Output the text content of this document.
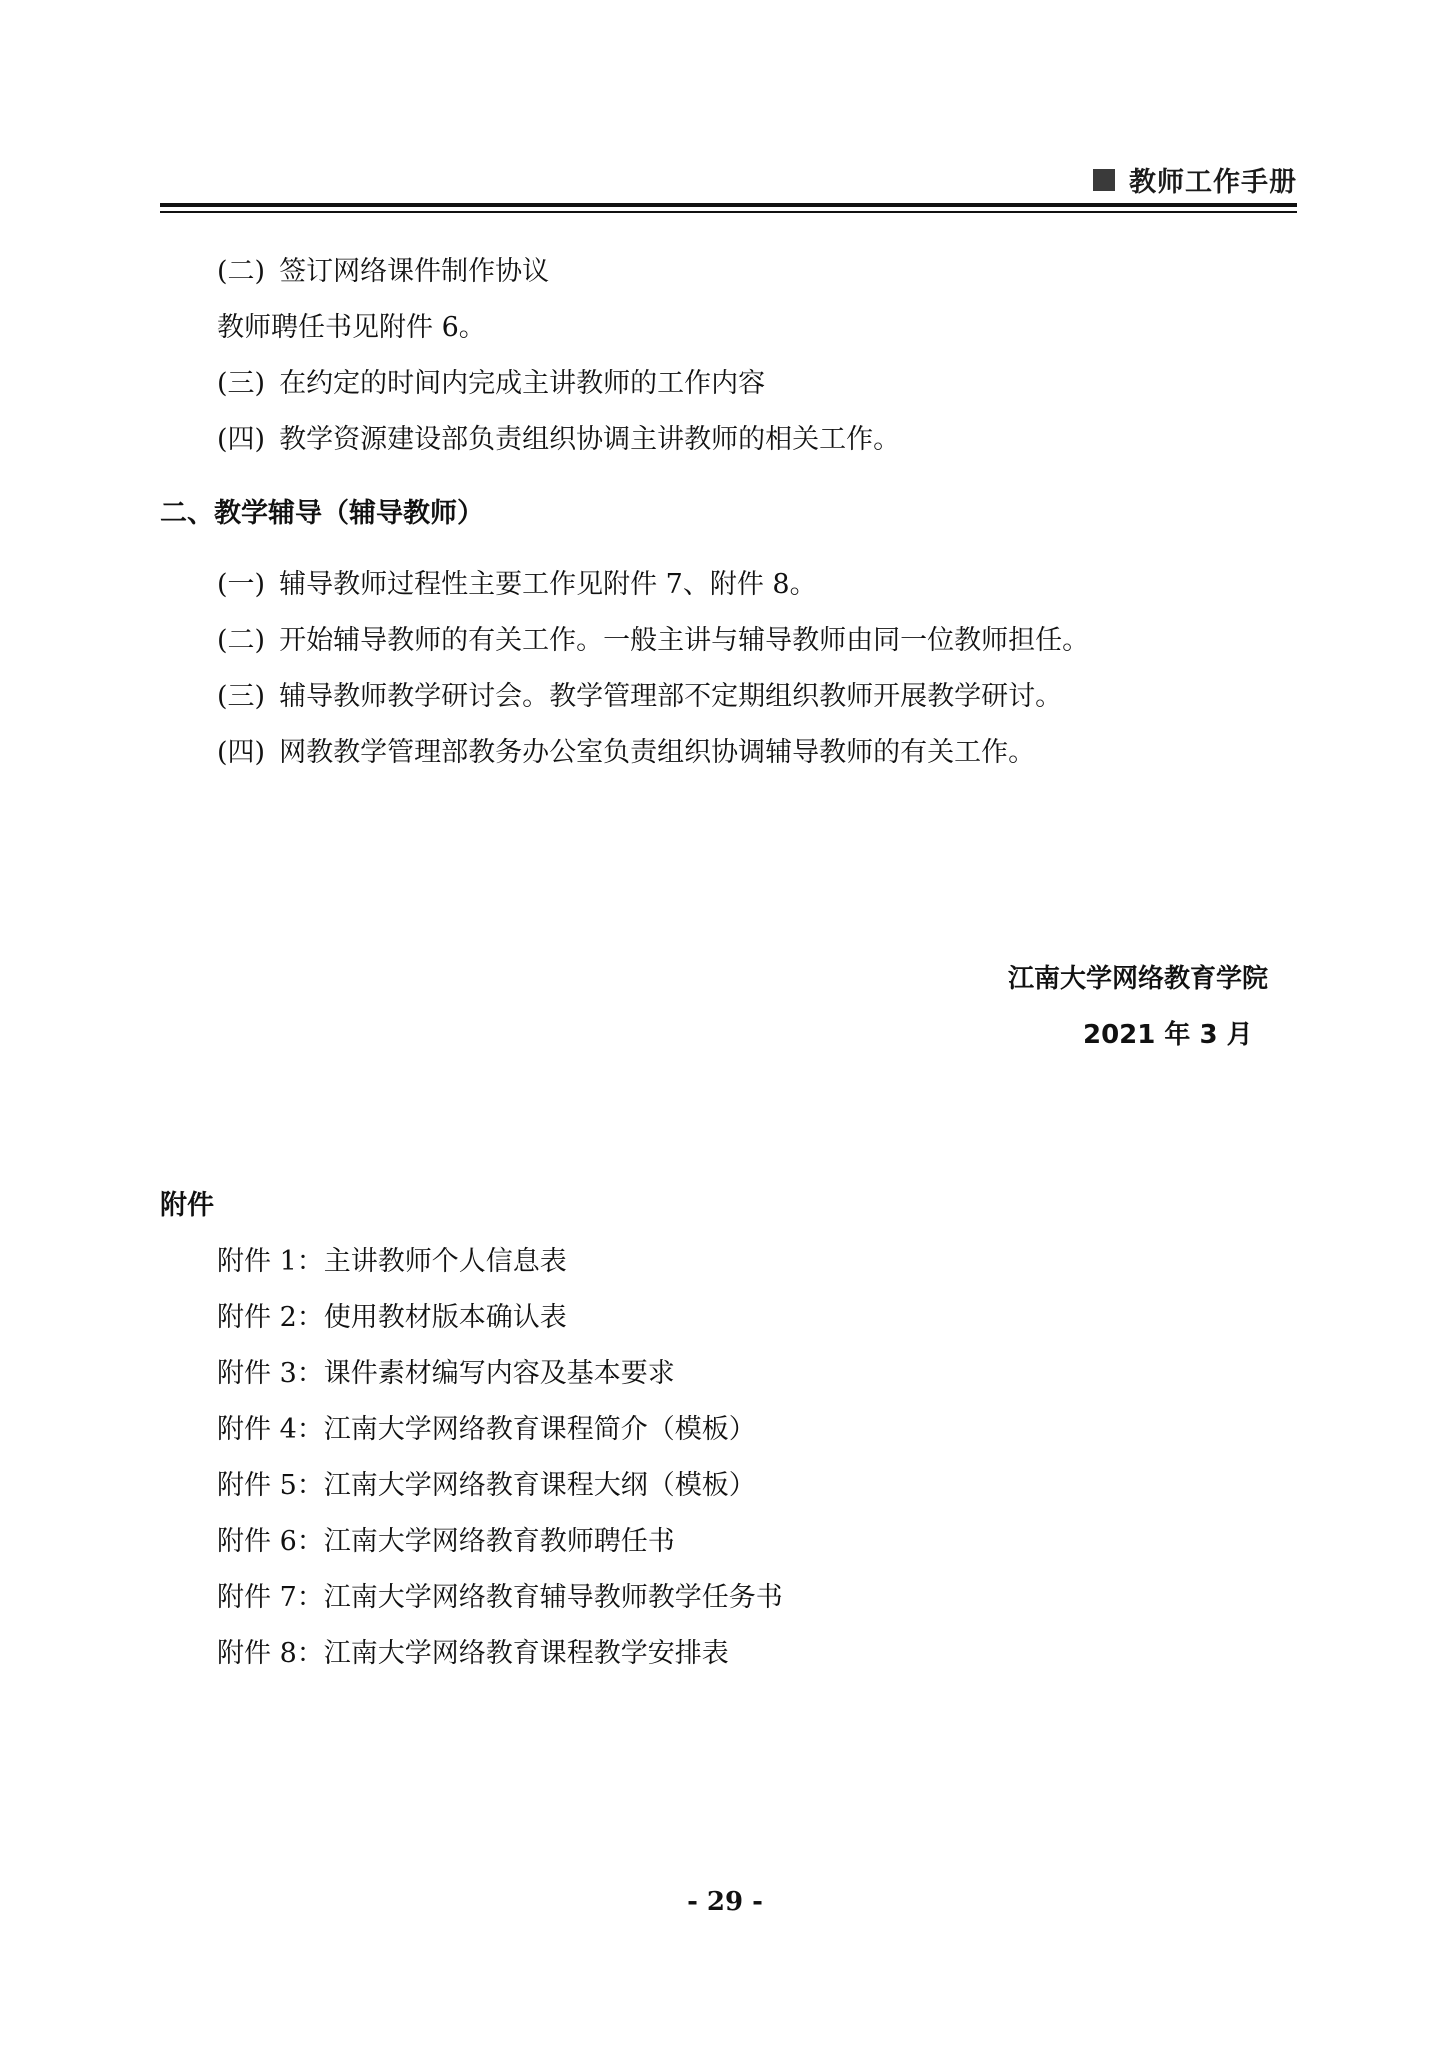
教师工作手册
(二) 签订网络课件制作协议
教师聘任书见附件 6。
(三) 在约定的时间内完成主讲教师的工作内容
(四) 教学资源建设部负责组织协调主讲教师的相关工作。
二、教学辅导（辅导教师）
(一) 辅导教师过程性主要工作见附件 7、附件 8。
(二) 开始辅导教师的有关工作。一般主讲与辅导教师由同一位教师担任。
(三) 辅导教师教学研讨会。教学管理部不定期组织教师开展教学研讨。
(四) 网教教学管理部教务办公室负责组织协调辅导教师的有关工作。
江南大学网络教育学院
2021 年 3 月
附件
附件 1：主讲教师个人信息表
附件 2：使用教材版本确认表
附件 3：课件素材编写内容及基本要求
附件 4：江南大学网络教育课程简介（模板）
附件 5：江南大学网络教育课程大纲（模板）
附件 6：江南大学网络教育教师聘任书
附件 7：江南大学网络教育辅导教师教学任务书
附件 8：江南大学网络教育课程教学安排表
- 29 -
